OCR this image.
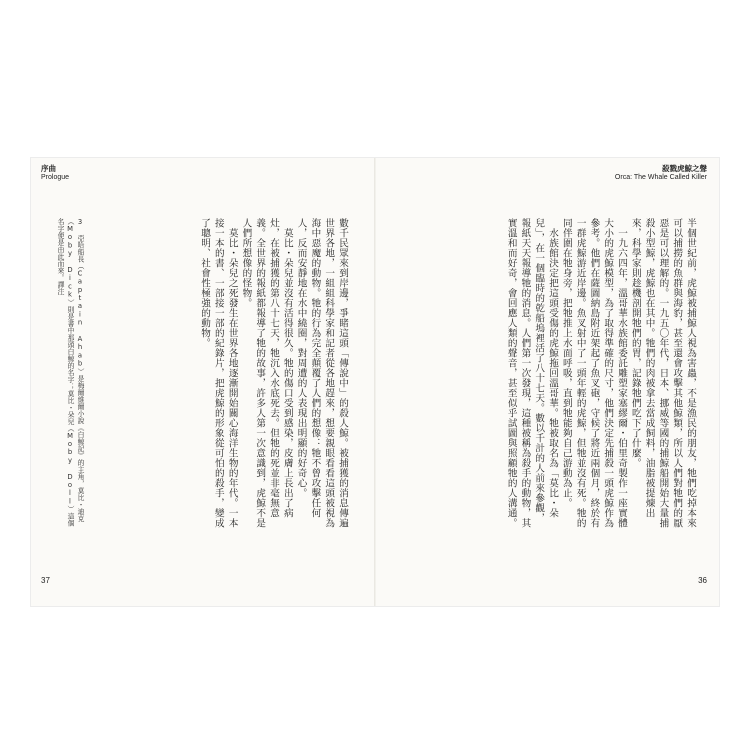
序曲
Prologue
3 亞哈船長（Captain Ahab）是梅爾維爾小說《白鯨記》的主角，莫比・迪克（Moby Dick）則是書中那頭白鯨的名字；莫比・朵兒（Moby Doll）這個名字便是由此而來。譯注	數千民眾來到岸邊，爭睹這頭「傳說中」的殺人鯨。被捕獲的消息傳遍世界各地，一組組科學家和記者從各地趕來，想要親眼看看這頭被視為海中惡魔的動物。牠的行為完全顛覆了人們的想像：牠不曾攻擊任何人，反而安靜地在水中繞圈，對周遭的人表現出明顯的好奇心。
　莫比・朵兒並沒有活得很久。牠的傷口受到感染，皮膚上長出了病灶，在被捕獲的第八十七天，牠沉入水底死去。但牠的死並非毫無意義。全世界的報紙都報導了牠的故事，許多人第一次意識到，虎鯨不是人們所想像的怪物。
　莫比・朵兒之死發生在世界各地逐漸開始關心海洋生物的年代。一本接一本的書、一部接一部的紀錄片，把虎鯨的形象從可怕的殺手，變成了聰明、社會性極強的動物。
37
殺戮虎鯨之聲
Orca: The Whale Called Killer
半個世紀前，虎鯨被捕鯨人視為害蟲，不是漁民的朋友，牠們吃掉本來可以捕撈的魚群與海豹，甚至還會攻擊其他鯨類，所以人們對牠們的厭惡是可以理解的。一九五〇年代，日本、挪威等國的捕鯨船開始大量捕殺小型鯨，虎鯨也在其中。牠們的肉被拿去當成飼料，油脂被提煉出來，科學家則趁機剖開牠們的胃，記錄牠們吃下了什麼。
　一九六四年，溫哥華水族館委託雕塑家塞繆爾・伯里奇製作一座實體大小的虎鯨模型，為了取得準確的尺寸，他們決定先捕殺一頭虎鯨作為參考。他們在薩圖納島附近架起了魚叉砲，守候了將近兩個月，終於有一群虎鯨游近岸邊。魚叉射中了一頭年輕的虎鯨，但牠並沒有死。牠的同伴圍在牠身旁，把牠推上水面呼吸，直到牠能夠自己游動為止。
　水族館決定把這頭受傷的虎鯨拖回溫哥華。牠被取名為「莫比・朵兒」，在一個臨時的乾船塢裡活了八十七天。數以千計的人前來參觀，報紙天天報導牠的消息。人們第一次發現，這種被稱為殺手的動物，其實溫和而好奇，會回應人類的聲音，甚至似乎試圖與照顧牠的人溝通。
36
